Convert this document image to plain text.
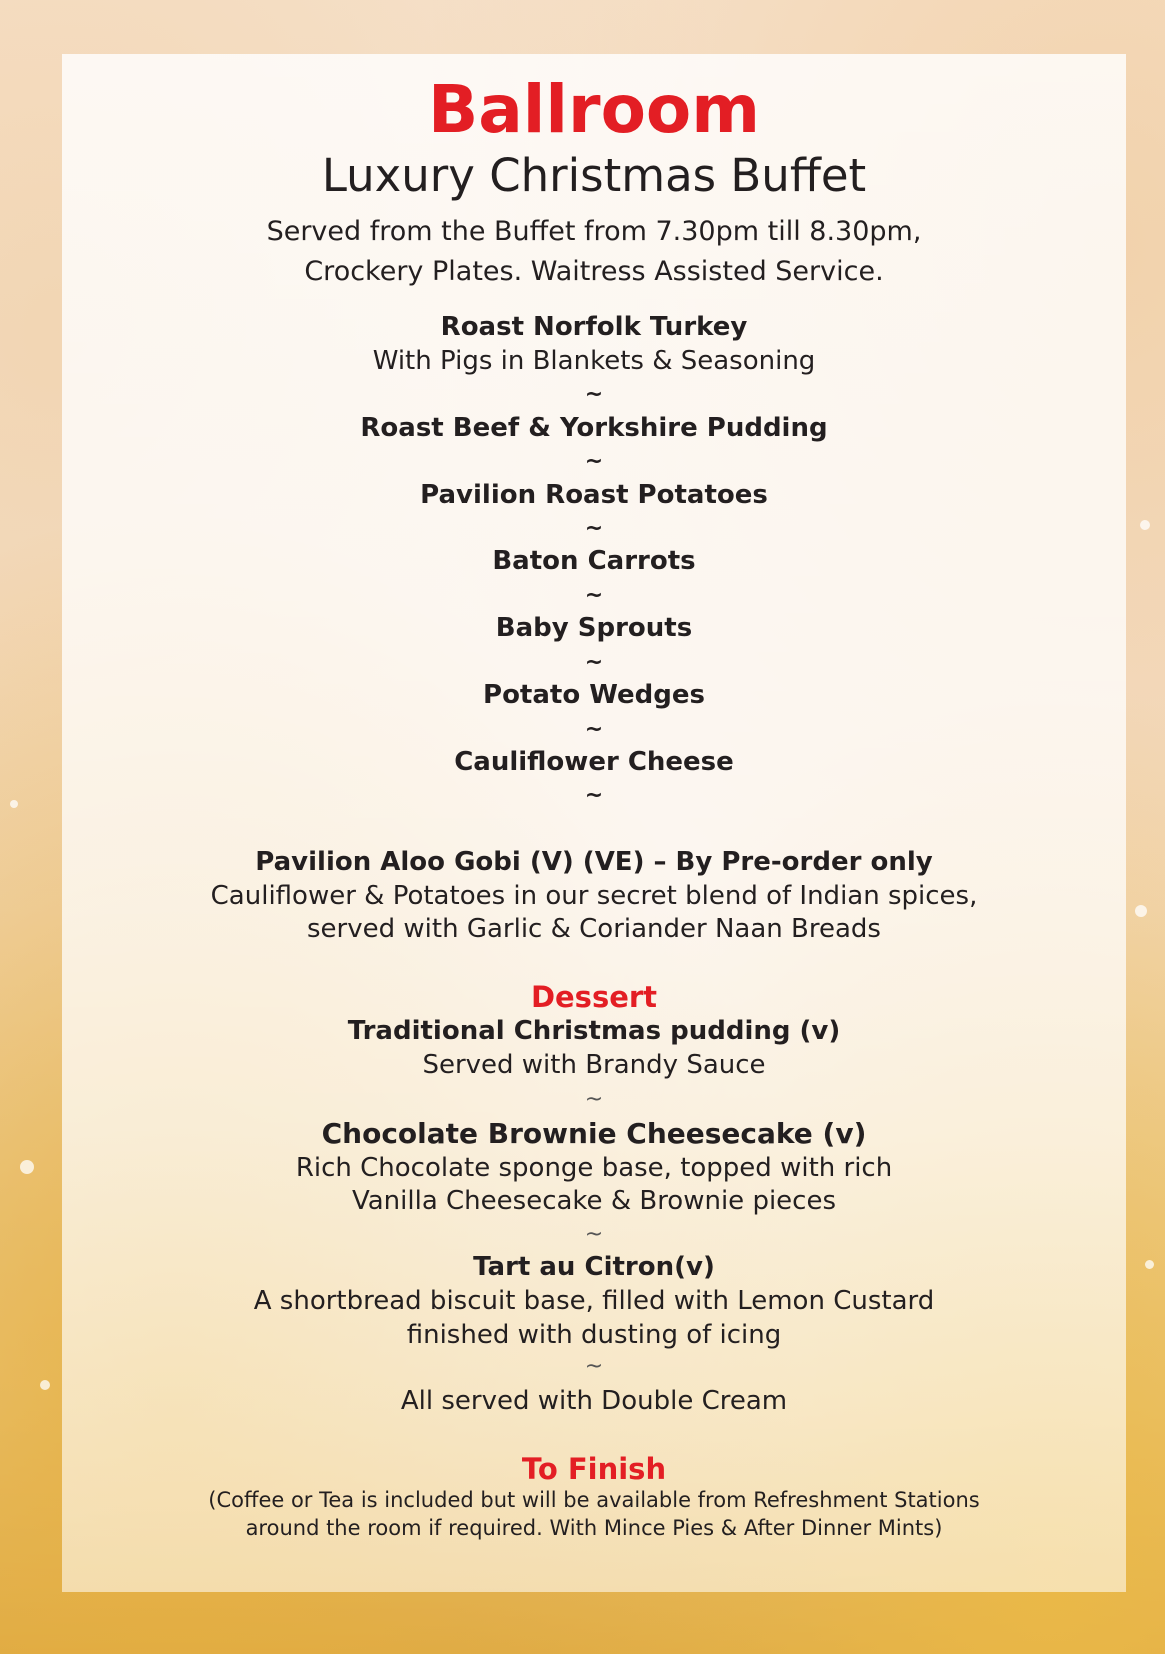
Ballroom
Luxury Christmas Buffet

Served from the Buffet from 7.30pm till 8.30pm,

Crockery Plates. Waitress Assisted Service.

Roast Norfolk Turkey

With Pigs in Blankets & Seasoning

~

Roast Beef & Yorkshire Pudding

~

Pavilion Roast Potatoes

~

Baton Carrots

~

Baby Sprouts

~

Potato Wedges

~

Cauliflower Cheese

~

Pavilion Aloo Gobi (V) (VE) – By Pre-order only

Cauliflower & Potatoes in our secret blend of Indian spices,

served with Garlic & Coriander Naan Breads

Dessert

Traditional Christmas pudding (v)

Served with Brandy Sauce

~

Chocolate Brownie Cheesecake (v)

Rich Chocolate sponge base, topped with rich

Vanilla Cheesecake & Brownie pieces

~

Tart au Citron(v)

A shortbread biscuit base, filled with Lemon Custard

finished with dusting of icing

~

All served with Double Cream

To Finish

(Coffee or Tea is included but will be available from Refreshment Stations

around the room if required. With Mince Pies & After Dinner Mints)
